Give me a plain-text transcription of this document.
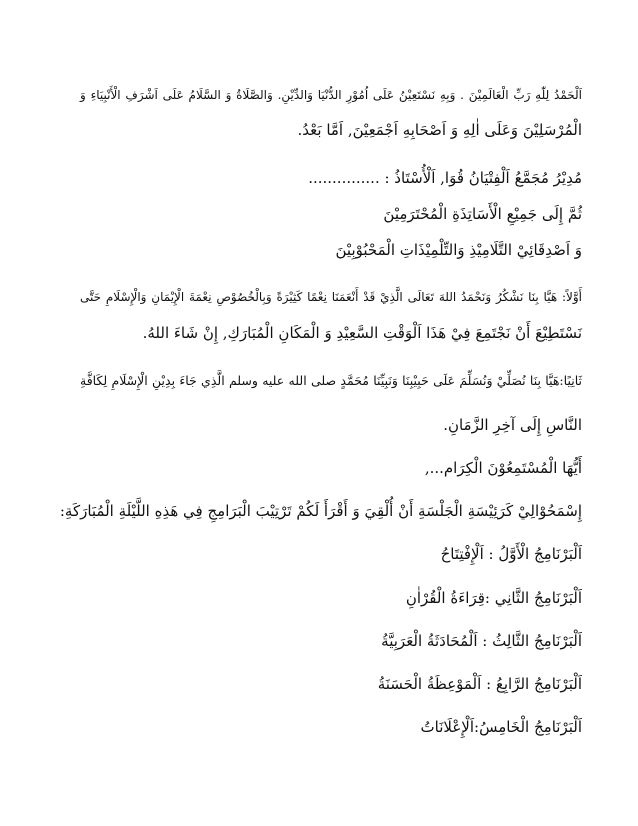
اَلْحَمْدُ لِلّٰهِ رَبِّ الْعَالَمِيْنَ . وَبِهِ نَسْتَعِيْنُ عَلَى اُمُوْرِ الدُّنْيَا وَالدِّيْنِ. وَالصَّلَاةُ وَ السَّلَامُ عَلَى اَشْرَفِ الْأَنْبِيَاءِ وَ

الْمُرْسَلِيْنَ وَعَلَى اٰلِهِ وَ اَصْحَابِهِ اَجْمَعِيْنَ, اَمَّا بَعْدُ.

مُدِيْرُ مُجَمَّعُ اَلْفِتْيَانُ قُوَا, اَلْأُسْتَاذُ : ...............

ثُمَّ إِلَى جَمِيْعِ الْأَسَاتِذَةِ الْمُحْتَرَمِيْنَ

وَ اَصْدِقَائِيْ التَّلَامِيْذِ وَالتِّلْمِيْذَاتِ الْمَحْبُوْبِيْنَ

أَوَّلاً: هَيَّا بِنَا نَشْكُرُ وَنَحْمَدُ اللهَ تَعَالَى الَّذِيْ قَدْ أَنْعَمَنَا نِعْمًا كَثِيْرَةً وَبِالْخُصُوْصِ نِعْمَةَ الْإِيْمَانِ وَالْإِسْلَامِ حَتَّى

نَسْتَطِيْعَ أَنْ نَجْتَمِعَ فِيْ هَذَا اَلْوَقْتِ السَّعِيْدِ وَ الْمَكَانِ الْمُبَارَكِ, إِنْ شَاءَ اللهُ.

ثَانِيًا:هَيَّا بِنَا نُصَلِّيْ وَنُسَلِّمَ عَلَى حَبِيْبِنَا وَنَبِيِّنَا مُحَمَّدٍ صلى الله عليه وسلم الَّذِي جَاءَ بِدِيْنِ الْإِسْلَامِ لِكَافَّةِ

النَّاسِ إِلَى آخِرِ الزَّمَانِ.

أَيُّهَا الْمُسْتَمِعُوْنَ الْكِرَام...,

إِسْمَحُوْالِيْ كَرَئِيْسَةِ الْجَلْسَةِ أَنْ أُلْقِيَ وَ أَقْرَأَ لَكُمْ تَرْتِيْبَ الْبَرَامِجِ فِي هَذِهِ اللَّيْلَةِ الْمُبَارَكَةِ:

اَلْبَرْنَامِجُ الْأَوَّلُ : اَلْإِفْتِتَاحُ

اَلْبَرْنَامِجُ الثَّانِي :قِرَاءَةُ الْقُرْاٰنِ

اَلْبَرْنَامِجُ الثَّالِثُ : اَلْمُحَادَثَةُ الْعَرَبِيَّةُ

اَلْبَرْنَامِجُ الرَّابِعُ : اَلْمَوْعِظَةُ الْحَسَنَةُ

اَلْبَرْنَامِجُ الْخَامِسُ:اَلْإِعْلَانَاتُ
